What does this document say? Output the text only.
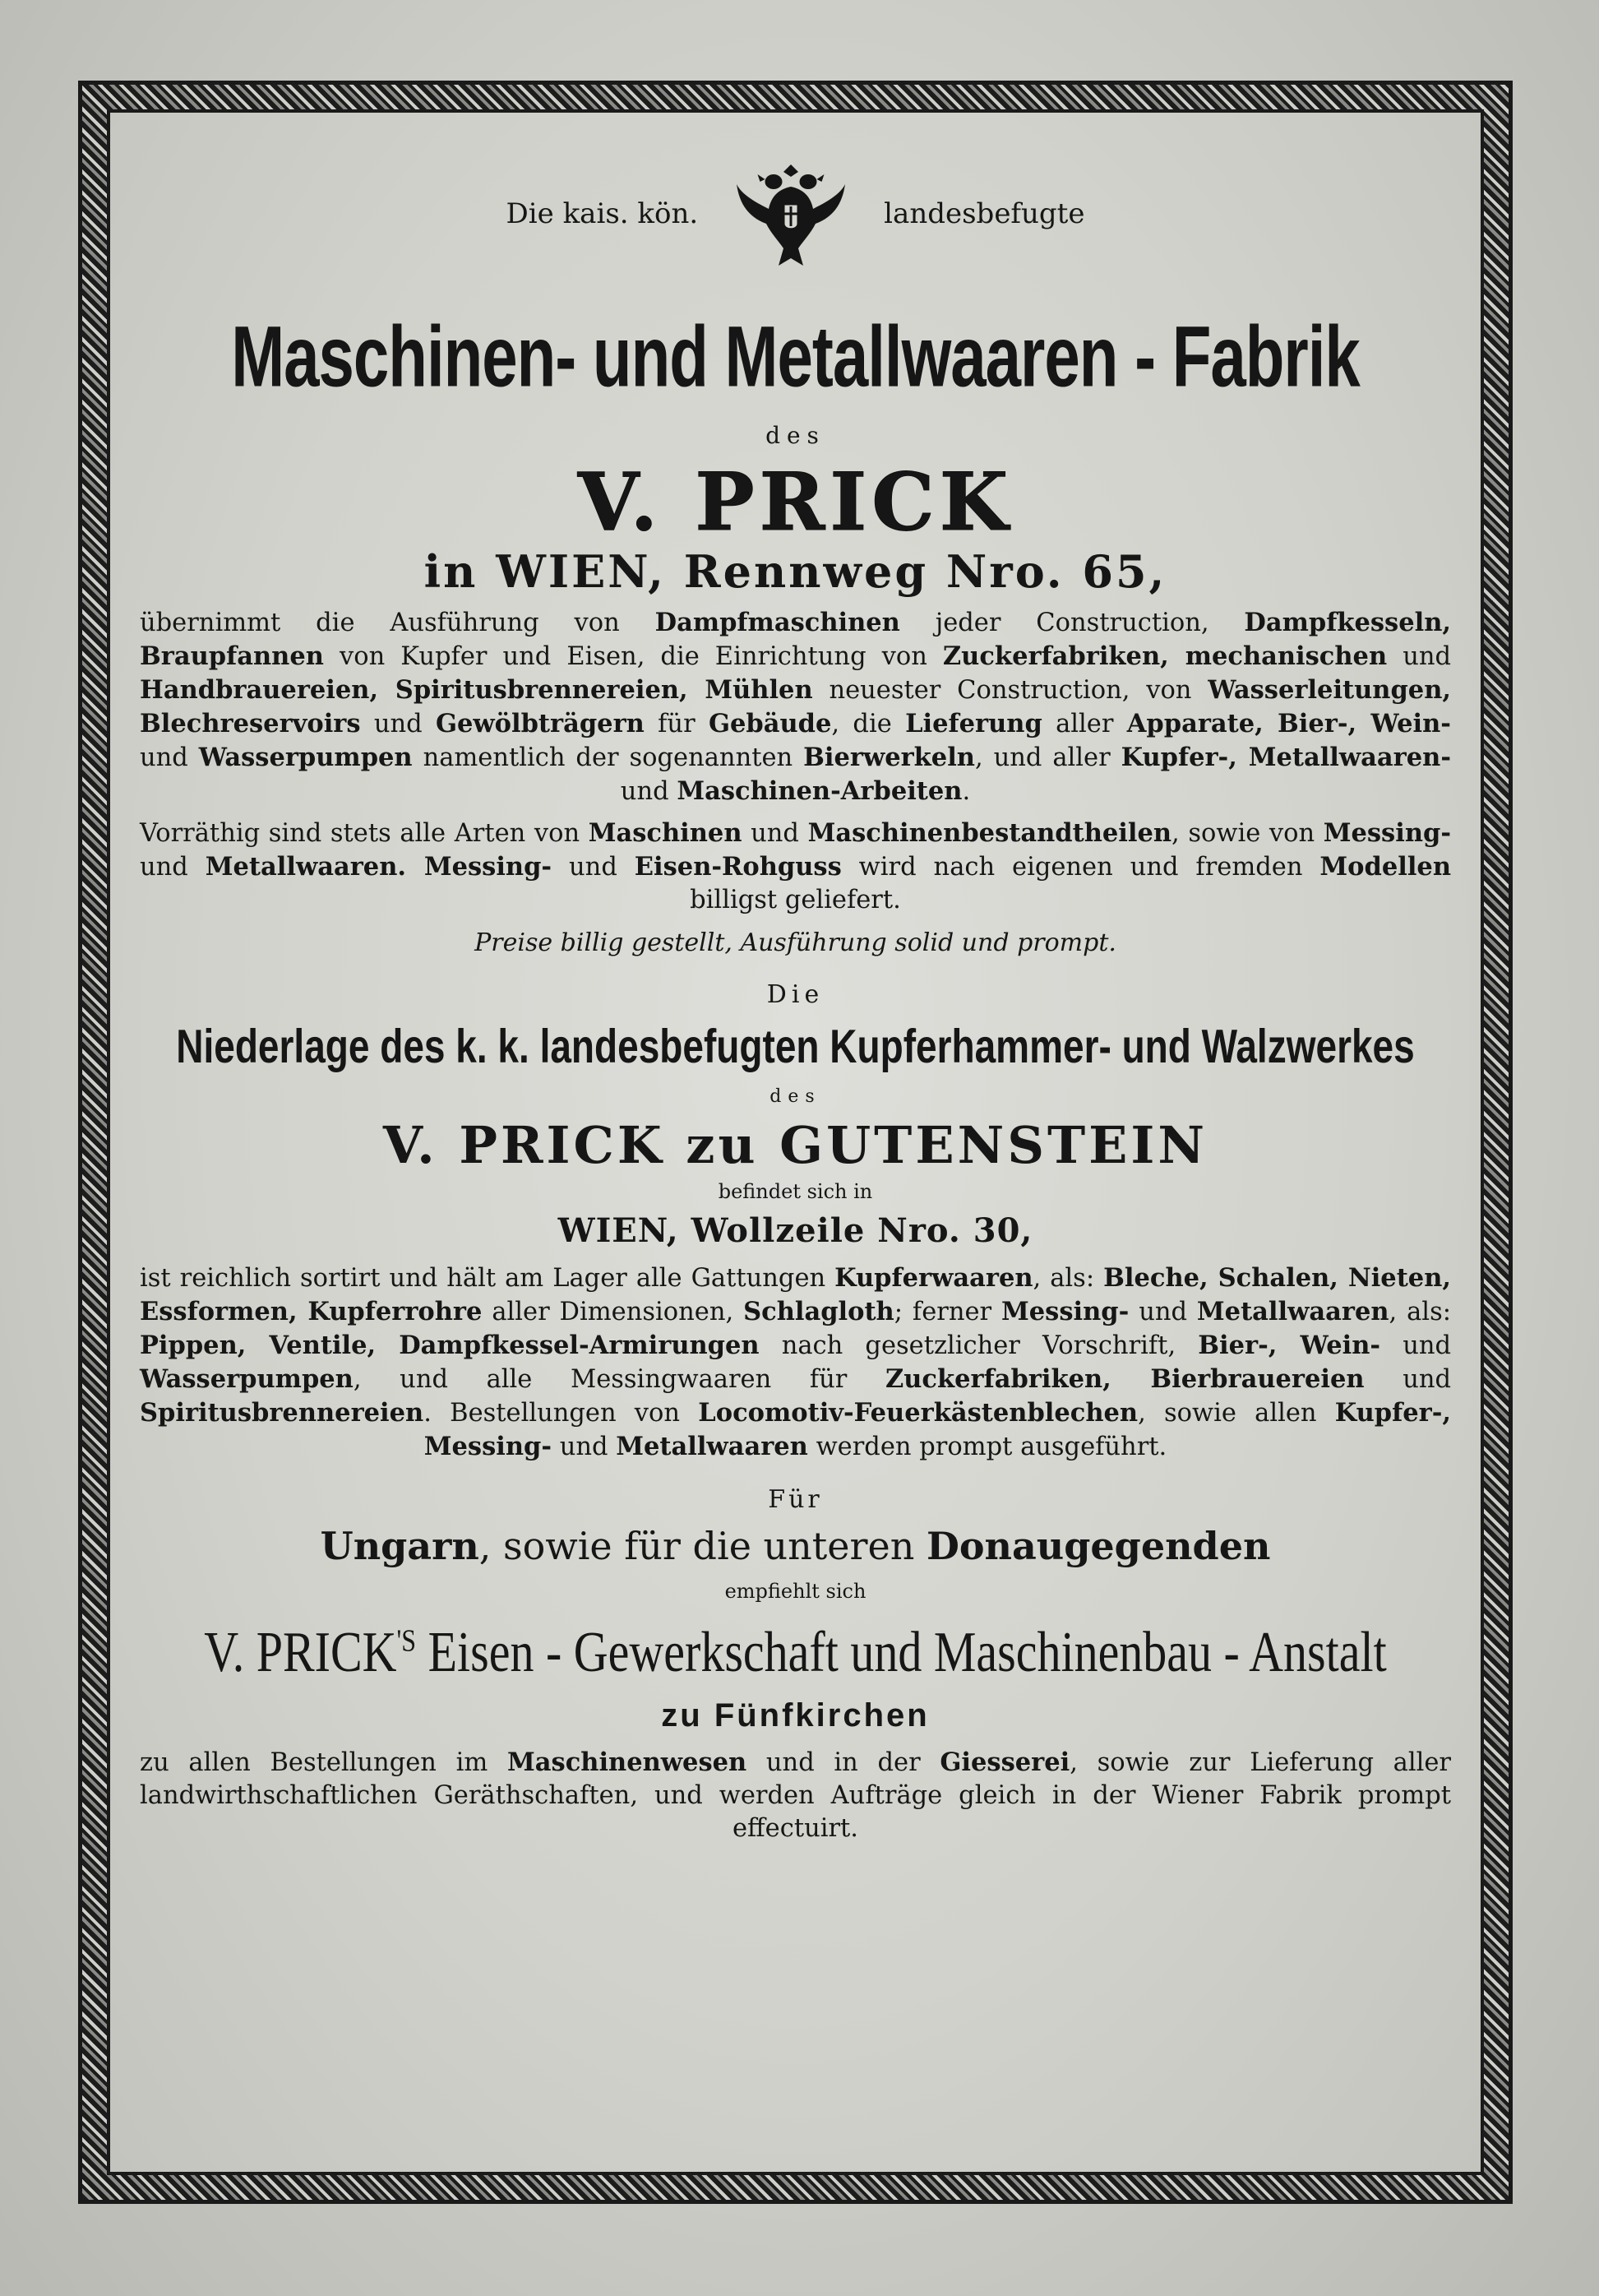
Die kais. kön.	landesbefugte

Maschinen- und Metallwaaren - Fabrik

des

V. PRICK

in WIEN, Rennweg Nro. 65,

übernimmt die Ausführung von Dampfmaschinen jeder Construction, Dampfkesseln, Braupfannen von Kupfer und Eisen, die Einrichtung von Zuckerfabriken, mechanischen und Handbrauereien, Spiritusbrennereien, Mühlen neuester Construction, von Wasserleitungen, Blechreservoirs und Gewölbträgern für Gebäude, die Lieferung aller Apparate, Bier-, Wein- und Wasserpumpen namentlich der sogenannten Bierwerkeln, und aller Kupfer-, Metallwaaren- und Maschinen-Arbeiten.

Vorräthig sind stets alle Arten von Maschinen und Maschinenbestandtheilen, sowie von Messing- und Metallwaaren. Messing- und Eisen-Rohguss wird nach eigenen und fremden Modellen billigst geliefert.

Preise billig gestellt, Ausführung solid und prompt.

Die

Niederlage des k. k. landesbefugten Kupferhammer- und Walzwerkes

des

V. PRICK zu GUTENSTEIN

befindet sich in

WIEN, Wollzeile Nro. 30,

ist reichlich sortirt und hält am Lager alle Gattungen Kupferwaaren, als: Bleche, Schalen, Nieten, Essformen, Kupferrohre aller Dimensionen, Schlagloth; ferner Messing- und Metallwaaren, als: Pippen, Ventile, Dampfkessel-Armirungen nach gesetzlicher Vorschrift, Bier-, Wein- und Wasserpumpen, und alle Messingwaaren für Zuckerfabriken, Bierbrauereien und Spiritusbrennereien. Bestellungen von Locomotiv-Feuerkästenblechen, sowie allen Kupfer-, Messing- und Metallwaaren werden prompt ausgeführt.

Für

Ungarn, sowie für die unteren Donaugegenden

empfiehlt sich

V. $PRICK^{'S}$ Eisen - Gewerkschaft und Maschinenbau - Anstalt

zu Fünfkirchen

zu allen Bestellungen im Maschinenwesen und in der Giesserei, sowie zur Lieferung aller landwirthschaftlichen Geräthschaften, und werden Aufträge gleich in der Wiener Fabrik prompt effectuirt.
